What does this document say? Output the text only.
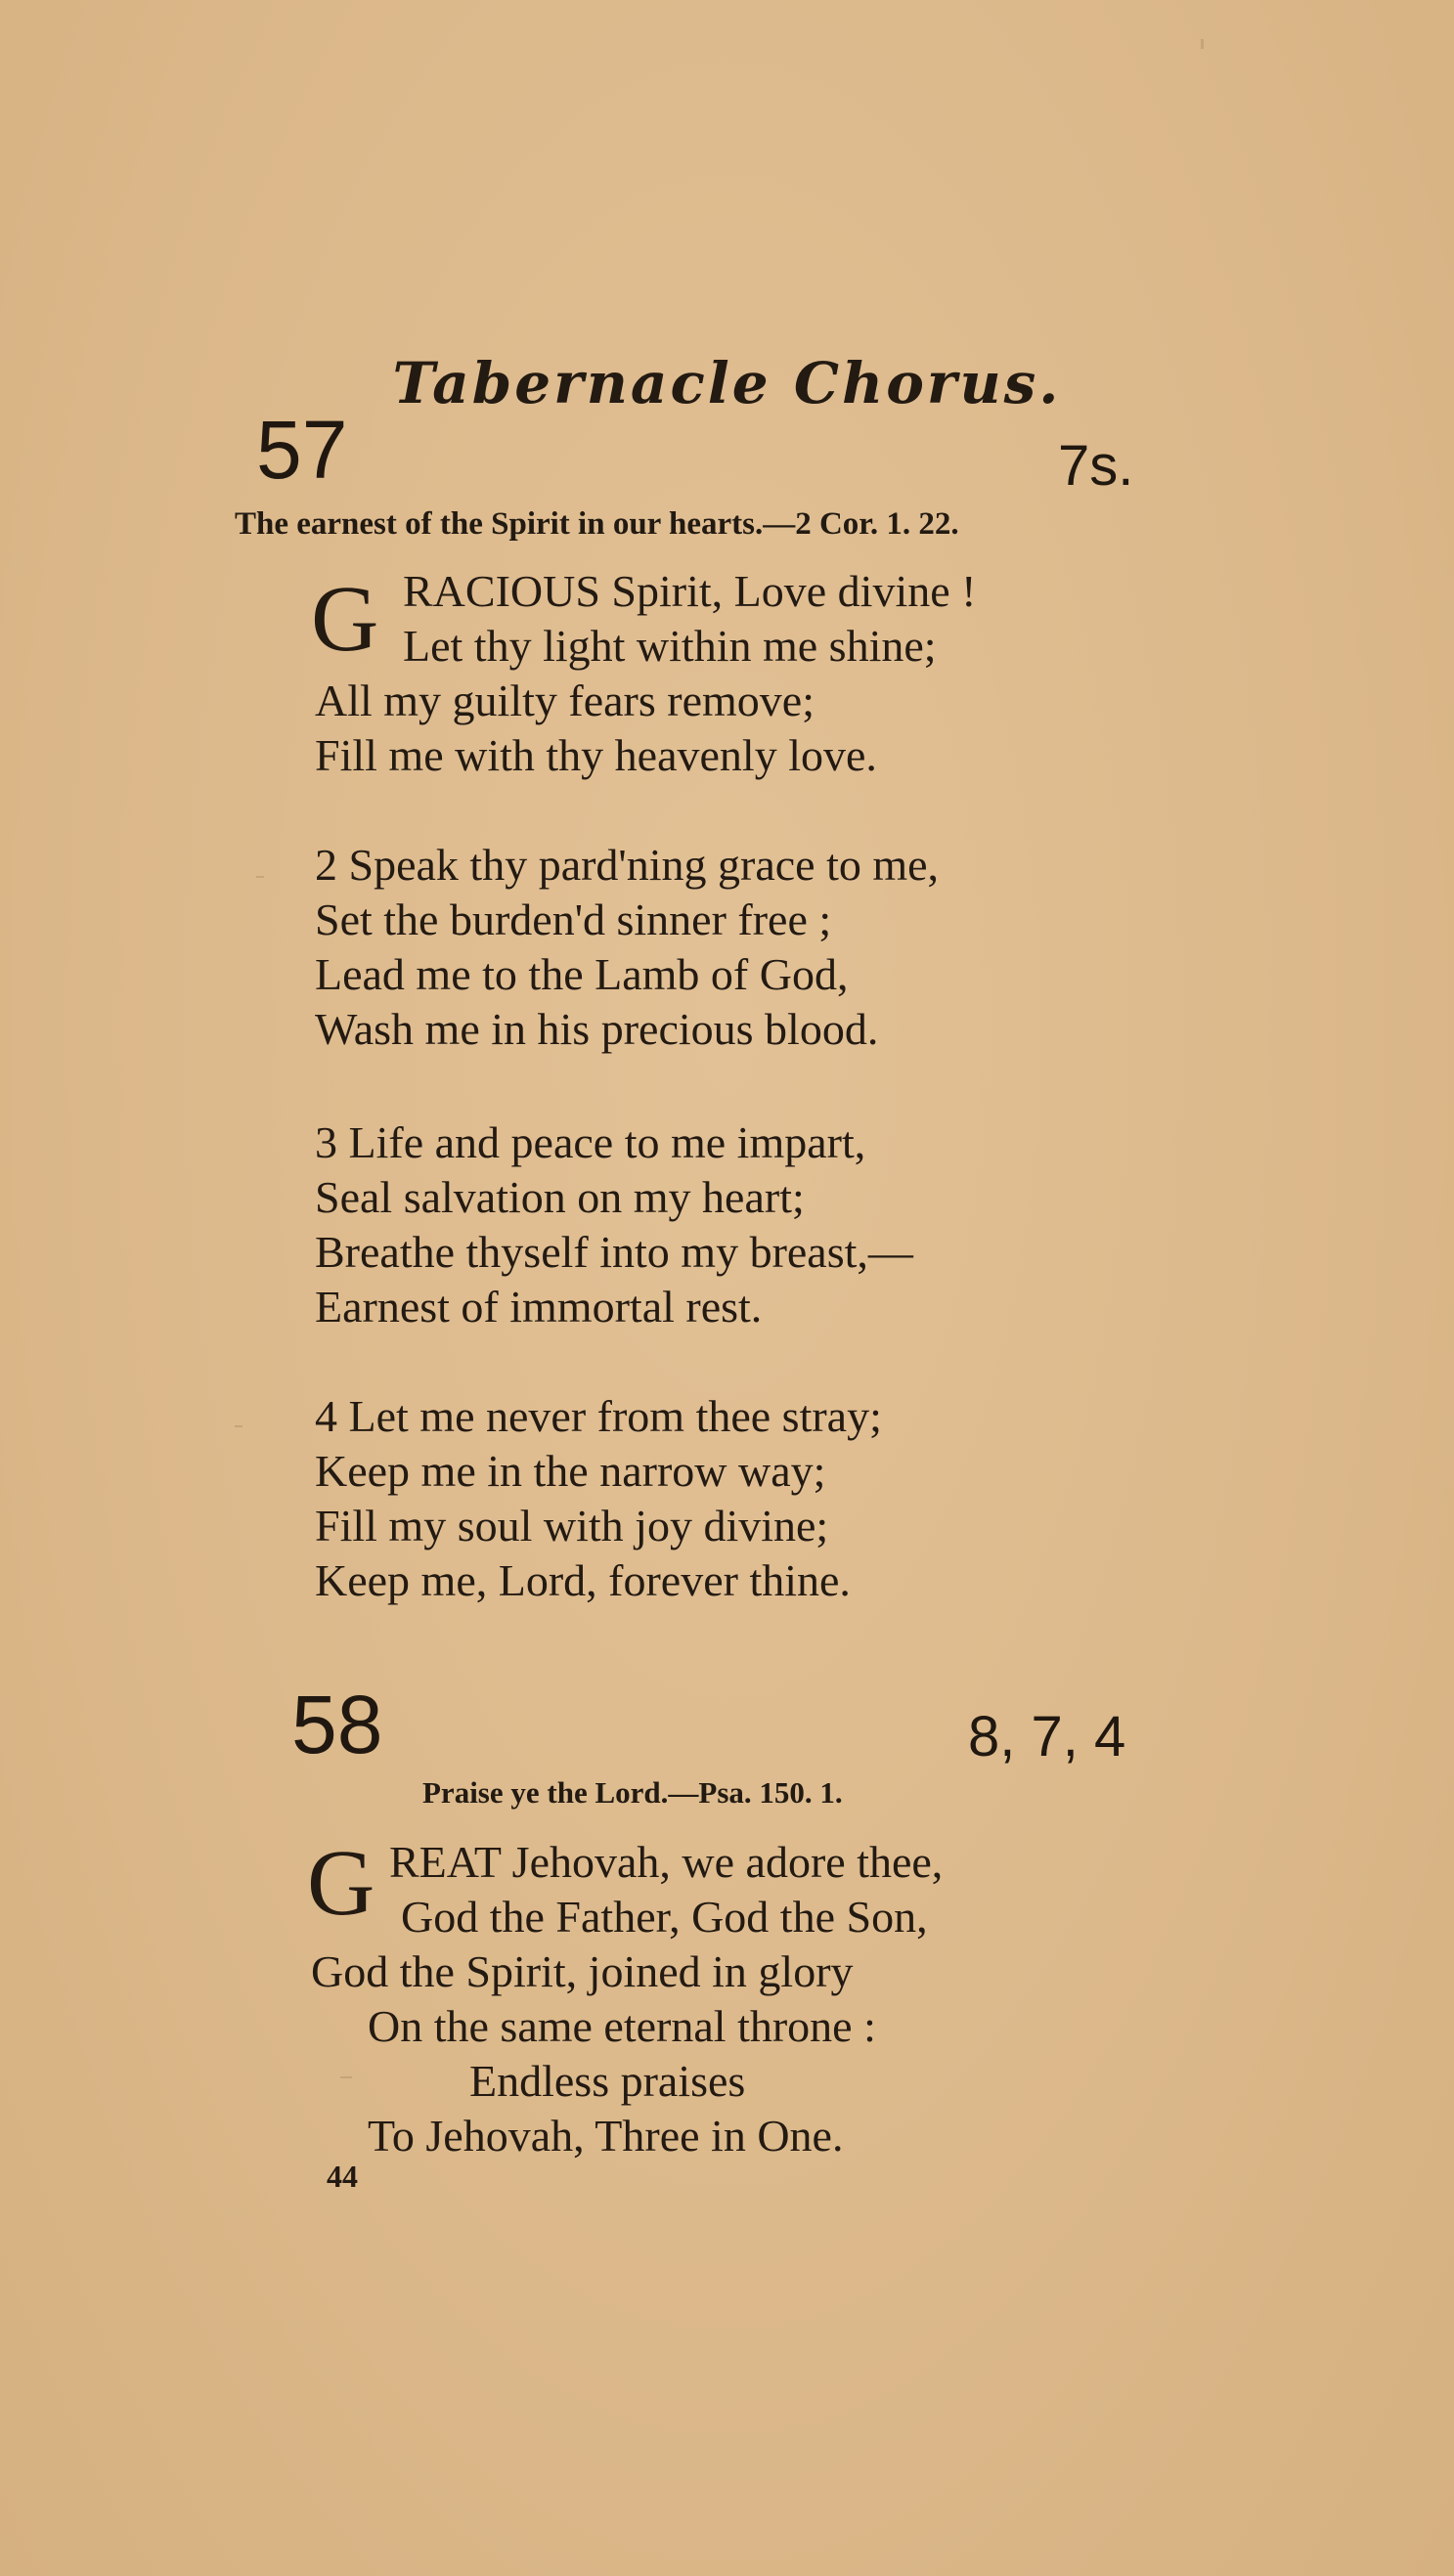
Tabernacle Chorus.
57	7s.
The earnest of the Spirit in our hearts.—2 Cor. 1. 22.
G RACIOUS Spirit, Love divine !
Let thy light within me shine;
All my guilty fears remove;
Fill me with thy heavenly love.
2 Speak thy pard'ning grace to me,
Set the burden'd sinner free ;
Lead me to the Lamb of God,
Wash me in his precious blood.
3 Life and peace to me impart,
Seal salvation on my heart;
Breathe thyself into my breast,—
Earnest of immortal rest.
4 Let me never from thee stray;
Keep me in the narrow way;
Fill my soul with joy divine;
Keep me, Lord, forever thine.
58	8, 7, 4
Praise ye the Lord.—Psa. 150. 1.
G REAT Jehovah, we adore thee,
God the Father, God the Son,
God the Spirit, joined in glory
On the same eternal throne :
Endless praises
To Jehovah, Three in One.
44
